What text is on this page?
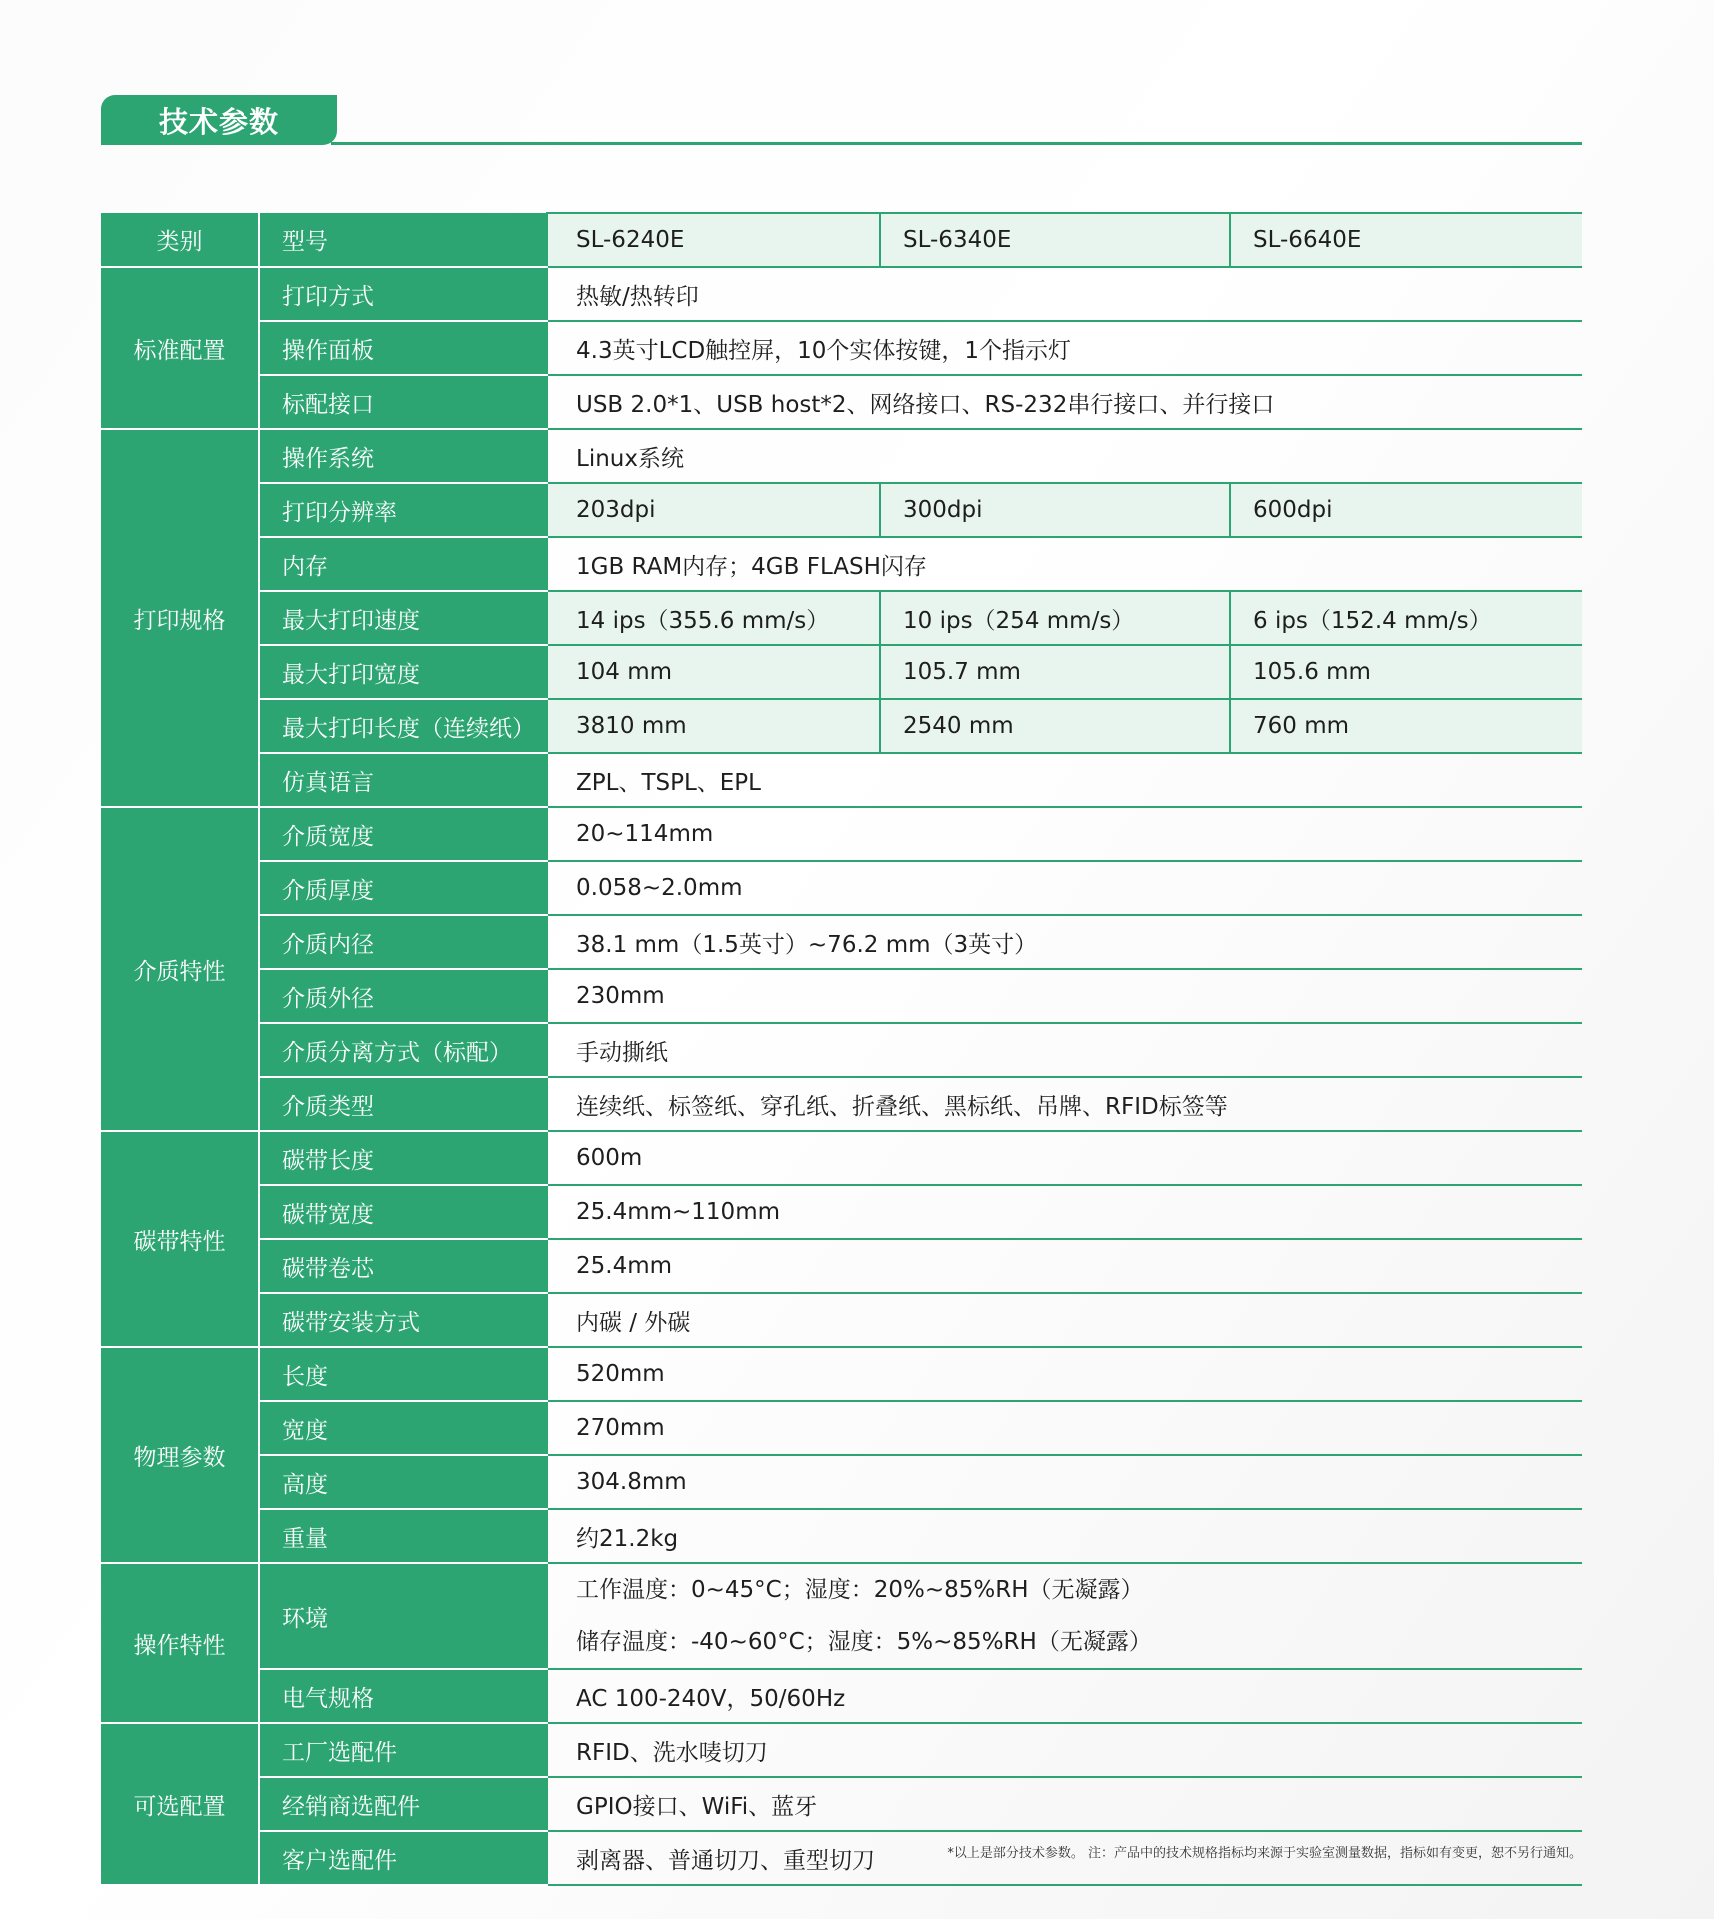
技术参数
类别	型号	SL-6240E	SL-6340E	SL-6640E
标准配置	打印方式	热敏/热转印		
	操作面板	4.3英寸LCD触控屏，10个实体按键，1个指示灯		
	标配接口	USB 2.0*1、USB host*2、网络接口、RS-232串行接口、并行接口		
打印规格	操作系统	Linux系统		
	打印分辨率	203dpi	300dpi	600dpi
	内存	1GB RAM内存；4GB FLASH闪存		
	最大打印速度	14 ips（355.6 mm/s）	10 ips（254 mm/s）	6 ips（152.4 mm/s）
	最大打印宽度	104 mm	105.7 mm	105.6 mm
	最大打印长度（连续纸）	3810 mm	2540 mm	760 mm
	仿真语言	ZPL、TSPL、EPL		
介质特性	介质宽度	20~114mm		
	介质厚度	0.058~2.0mm		
	介质内径	38.1 mm（1.5英寸）~76.2 mm（3英寸）		
	介质外径	230mm		
	介质分离方式（标配）	手动撕纸		
	介质类型	连续纸、标签纸、穿孔纸、折叠纸、黑标纸、吊牌、RFID标签等		
碳带特性	碳带长度	600m		
	碳带宽度	25.4mm~110mm		
	碳带卷芯	25.4mm		
	碳带安装方式	内碳 / 外碳		
物理参数	长度	520mm		
	宽度	270mm		
	高度	304.8mm		
	重量	约21.2kg		
操作特性	环境	工作温度：0~45°C；湿度：20%~85%RH（无凝露）
储存温度：-40~60°C；湿度：5%~85%RH（无凝露）		

	电气规格	AC 100-240V，50/60Hz		
可选配置	工厂选配件	RFID、洗水唛切刀		
	经销商选配件	GPIO接口、WiFi、蓝牙		
	客户选配件	剥离器、普通切刀、重型切刀			*以上是部分技术参数。 注：产品中的技术规格指标均来源于实验室测量数据，指标如有变更，恕不另行通知。
